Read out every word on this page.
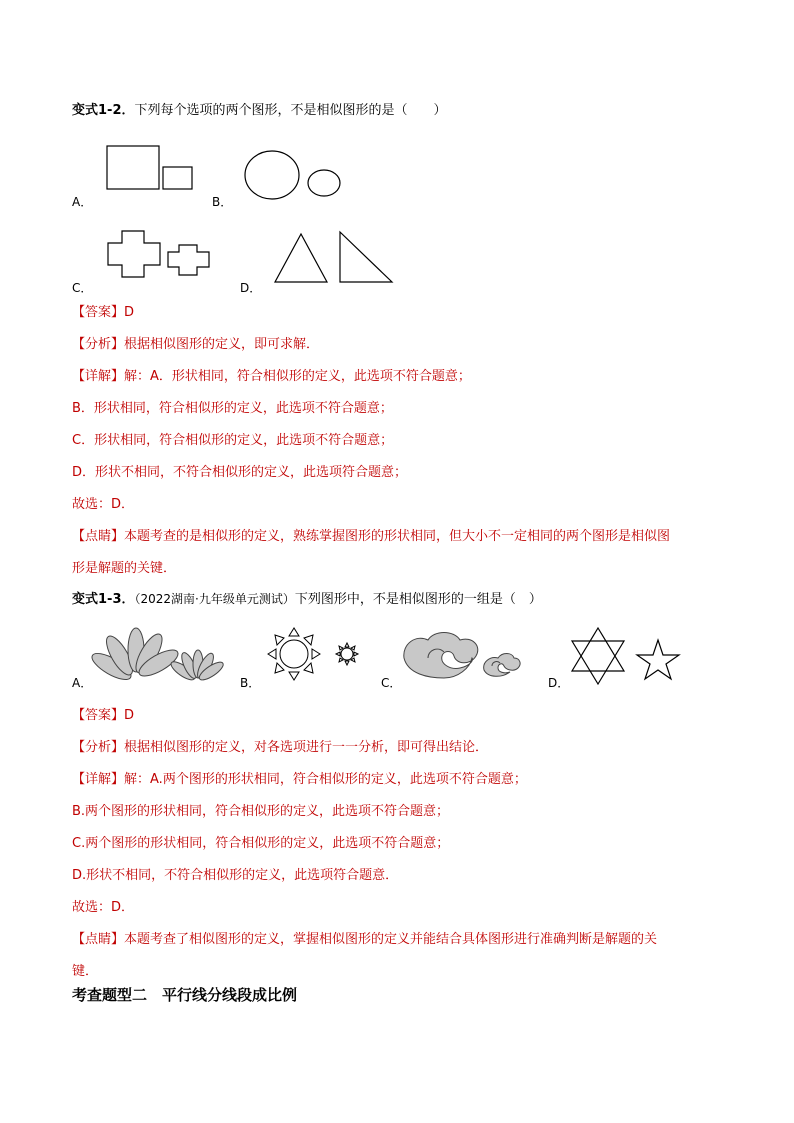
变式1-2．下列每个选项的两个图形，不是相似图形的是（　　）
A．	B．
C．	D．
【答案】D
【分析】根据相似图形的定义，即可求解．
【详解】解：A．形状相同，符合相似形的定义，此选项不符合题意；
B．形状相同，符合相似形的定义，此选项不符合题意；
C．形状相同，符合相似形的定义，此选项不符合题意；
D．形状不相同，不符合相似形的定义，此选项符合题意；
故选：D．
【点睛】本题考查的是相似形的定义，熟练掌握图形的形状相同，但大小不一定相同的两个图形是相似图
形是解题的关键．
变式1-3．（2022湖南·九年级单元测试）下列图形中，不是相似图形的一组是（　）
A．	B．	C．	D．
【答案】D
【分析】根据相似图形的定义，对各选项进行一一分析，即可得出结论．
【详解】解：A.两个图形的形状相同，符合相似形的定义，此选项不符合题意；
B.两个图形的形状相同，符合相似形的定义，此选项不符合题意；
C.两个图形的形状相同，符合相似形的定义，此选项不符合题意；
D.形状不相同，不符合相似形的定义，此选项符合题意．
故选：D．
【点睛】本题考查了相似图形的定义，掌握相似图形的定义并能结合具体图形进行准确判断是解题的关
键．
考查题型二　平行线分线段成比例
